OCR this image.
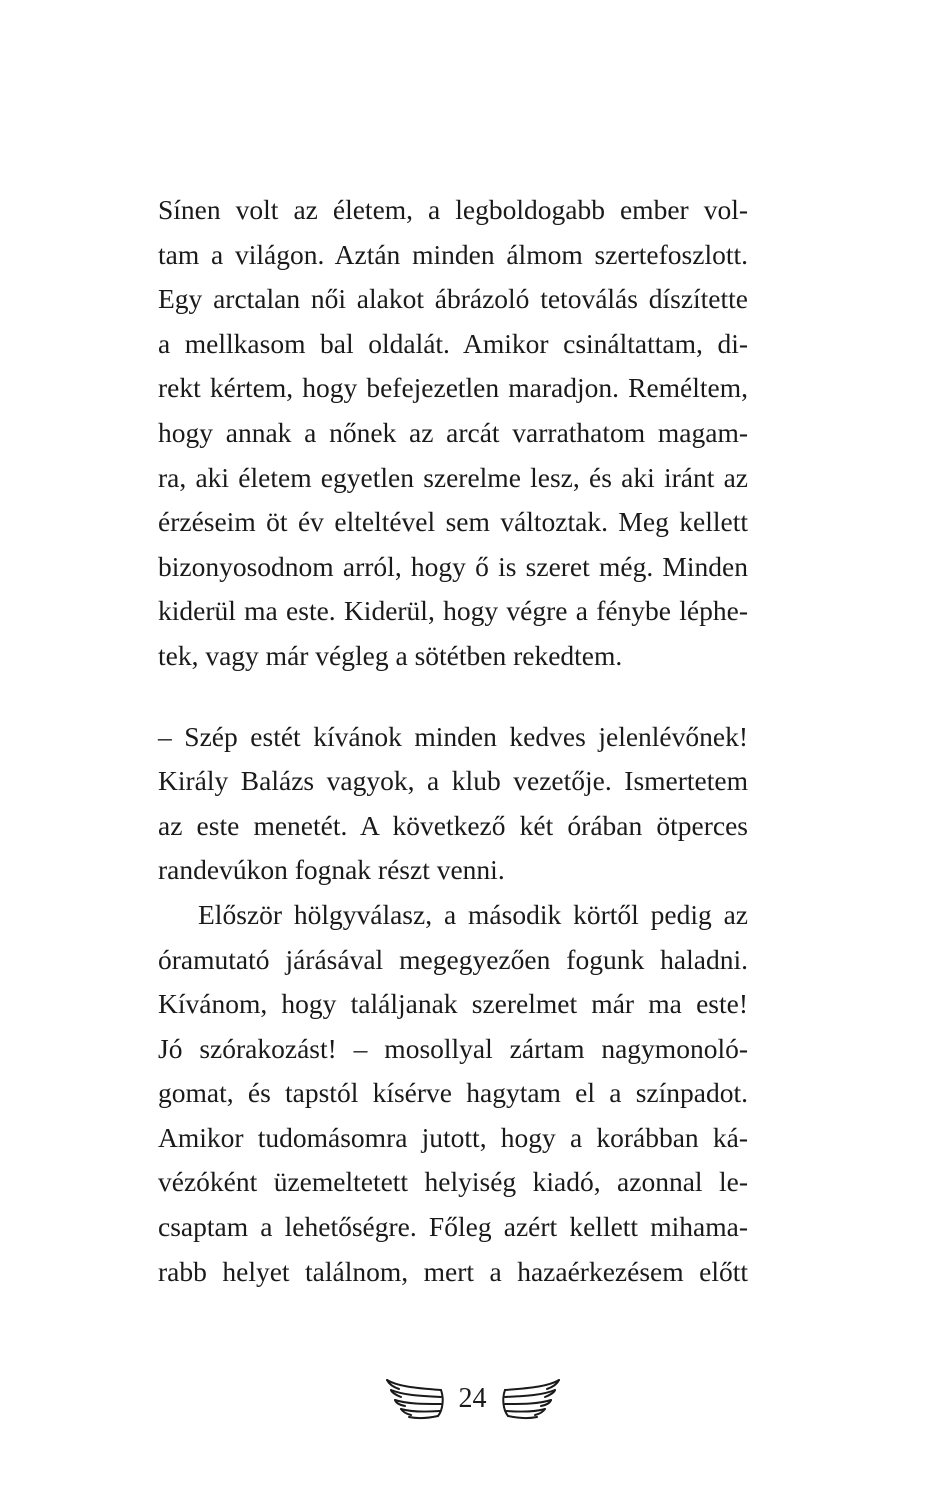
Sínen volt az életem, a legboldogabb ember vol-
tam a világon. Aztán minden álmom szertefoszlott.
Egy arctalan női alakot ábrázoló tetoválás díszítette
a mellkasom bal oldalát. Amikor csináltattam, di-
rekt kértem, hogy befejezetlen maradjon. Reméltem,
hogy annak a nőnek az arcát varrathatom magam-
ra, aki életem egyetlen szerelme lesz, és aki iránt az
érzéseim öt év elteltével sem változtak. Meg kellett
bizonyosodnom arról, hogy ő is szeret még. Minden
kiderül ma este. Kiderül, hogy végre a fénybe léphe-
tek, vagy már végleg a sötétben rekedtem.
– Szép estét kívánok minden kedves jelenlévőnek!
Király Balázs vagyok, a klub vezetője. Ismertetem
az este menetét. A következő két órában ötperces
randevúkon fognak részt venni.
Először hölgyválasz, a második körtől pedig az
óramutató járásával megegyezően fogunk haladni.
Kívánom, hogy találjanak szerelmet már ma este!
Jó szórakozást! – mosollyal zártam nagymonoló-
gomat, és tapstól kísérve hagytam el a színpadot.
Amikor tudomásomra jutott, hogy a korábban ká-
vézóként üzemeltetett helyiség kiadó, azonnal le-
csaptam a lehetőségre. Főleg azért kellett mihama-
rabb helyet találnom, mert a hazaérkezésem előtt
24
